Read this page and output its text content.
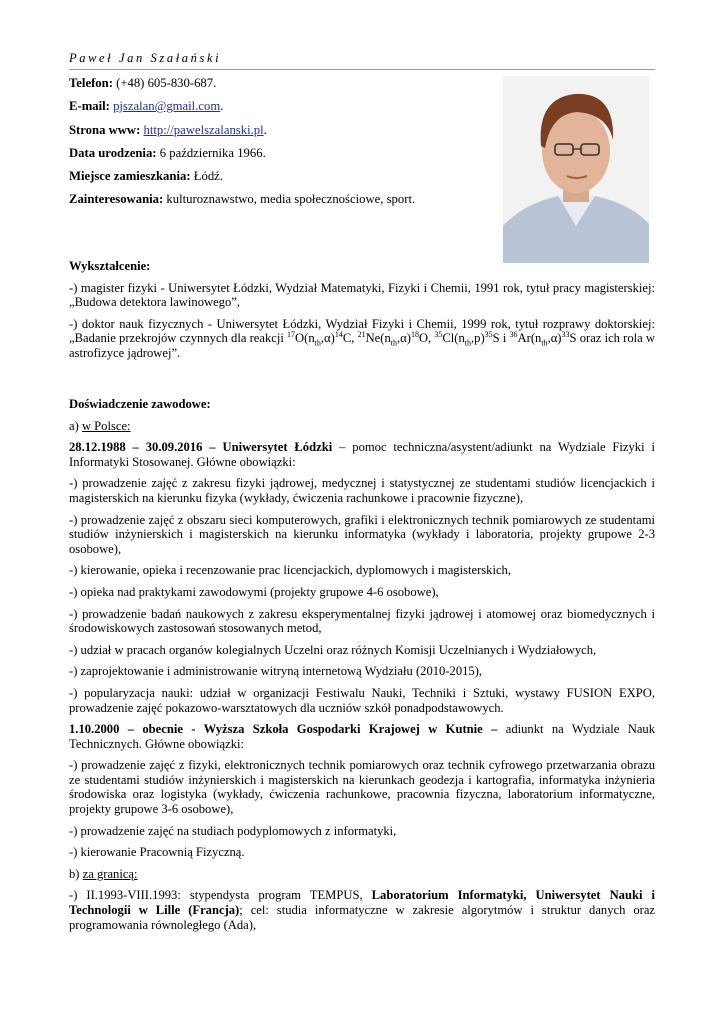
Paweł Jan Szałański

Telefon: (+48) 605-830-687.

E-mail: pjszalan@gmail.com.

Strona www: http://pawelszalanski.pl.

Data urodzenia: 6 października 1966.

Miejsce zamieszkania: Łódź.

Zainteresowania: kulturoznawstwo, media społecznościowe, sport.

Wykształcenie:

-) magister fizyki - Uniwersytet Łódzki, Wydział Matematyki, Fizyki i Chemii, 1991 rok, tytuł pracy magisterskiej: „Budowa detektora lawinowego”,

-) doktor nauk fizycznych - Uniwersytet Łódzki, Wydział Fizyki i Chemii, 1999 rok, tytuł rozprawy doktorskiej: „Badanie przekrojów czynnych dla reakcji $^{17}O(n_{th},\alpha)^{14}C$, $^{21}Ne(n_{th},\alpha)^{18}O$, $^{35}Cl(n_{th},p)^{35}S$ i $^{36}Ar(n_{th},\alpha)^{33}S$ oraz ich rola w astrofizyce jądrowej”.

Doświadczenie zawodowe:

a) w Polsce:

28.12.1988 – 30.09.2016 – Uniwersytet Łódzki – pomoc techniczna/asystent/adiunkt na Wydziale Fizyki i Informatyki Stosowanej. Główne obowiązki:

-) prowadzenie zajęć z zakresu fizyki jądrowej, medycznej i statystycznej ze studentami studiów licencjackich i magisterskich na kierunku fizyka (wykłady, ćwiczenia rachunkowe i pracownie fizyczne),

-) prowadzenie zajęć z obszaru sieci komputerowych, grafiki i elektronicznych technik pomiarowych ze studentami studiów inżynierskich i magisterskich na kierunku informatyka (wykłady i laboratoria, projekty grupowe 2-3 osobowe),

-) kierowanie, opieka i recenzowanie prac licencjackich, dyplomowych i magisterskich,

-) opieka nad praktykami zawodowymi (projekty grupowe 4-6 osobowe),

-) prowadzenie badań naukowych z zakresu eksperymentalnej fizyki jądrowej i atomowej oraz biomedycznych i środowiskowych zastosowań stosowanych metod,

-) udział w pracach organów kolegialnych Uczelni oraz różnych Komisji Uczelnianych i Wydziałowych,

-) zaprojektowanie i administrowanie witryną internetową Wydziału (2010-2015),

-) popularyzacja nauki: udział w organizacji Festiwalu Nauki, Techniki i Sztuki, wystawy FUSION EXPO, prowadzenie zajęć pokazowo-warsztatowych dla uczniów szkół ponadpodstawowych.

1.10.2000 – obecnie - Wyższa Szkoła Gospodarki Krajowej w Kutnie – adiunkt na Wydziale Nauk Technicznych. Główne obowiązki:

-) prowadzenie zajęć z fizyki, elektronicznych technik pomiarowych oraz technik cyfrowego przetwarzania obrazu ze studentami studiów inżynierskich i magisterskich na kierunkach geodezja i kartografia, informatyka inżynieria środowiska oraz logistyka (wykłady, ćwiczenia rachunkowe, pracownia fizyczna, laboratorium informatyczne, projekty grupowe 3-6 osobowe),

-) prowadzenie zajęć na studiach podyplomowych z informatyki,

-) kierowanie Pracownią Fizyczną.

b) za granicą:

-) II.1993-VIII.1993: stypendysta program TEMPUS, Laboratorium Informatyki, Uniwersytet Nauki i Technologii w Lille (Francja); cel: studia informatyczne w zakresie algorytmów i struktur danych oraz programowania równoległego (Ada),
